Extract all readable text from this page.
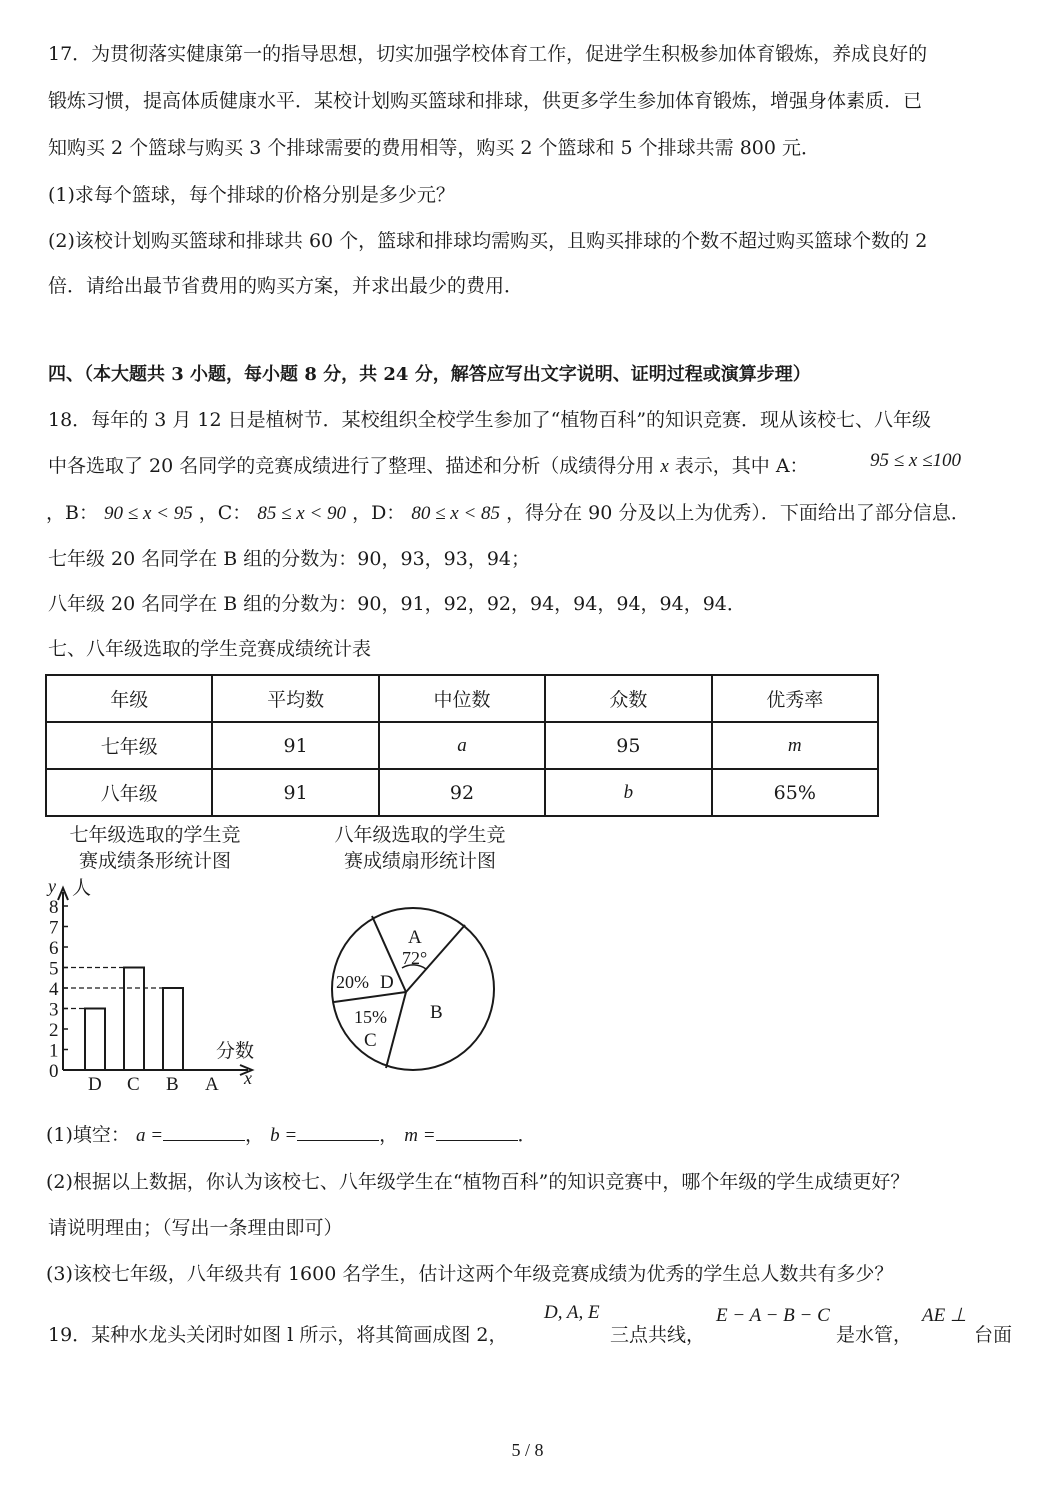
17．为贯彻落实健康第一的指导思想，切实加强学校体育工作，促进学生积极参加体育锻炼，养成良好的
锻炼习惯，提高体质健康水平．某校计划购买篮球和排球，供更多学生参加体育锻炼，增强身体素质．已
知购买 2 个篮球与购买 3 个排球需要的费用相等，购买 2 个篮球和 5 个排球共需 800 元．
(1)求每个篮球，每个排球的价格分别是多少元？
(2)该校计划购买篮球和排球共 60 个，篮球和排球均需购买，且购买排球的个数不超过购买篮球个数的 2
倍．请给出最节省费用的购买方案，并求出最少的费用．
四、（本大题共 3 小题，每小题 8 分，共 24 分，解答应写出文字说明、证明过程或演算步理）
18．每年的 3 月 12 日是植树节．某校组织全校学生参加了“植物百科”的知识竞赛．现从该校七、八年级
中各选取了 20 名同学的竞赛成绩进行了整理、描述和分析（成绩得分用 x 表示，其中 A：	95 ≤ x ≤100
，B： 90 ≤ x < 95 ，C： 85 ≤ x < 90 ，D： 80 ≤ x < 85 ，得分在 90 分及以上为优秀）．下面给出了部分信息．
七年级 20 名同学在 B 组的分数为：90，93，93，94；
八年级 20 名同学在 B 组的分数为：90，91，92，92，94，94，94，94，94．
七、八年级选取的学生竞赛成绩统计表
年级	平均数	中位数	众数	优秀率
七年级	91	a	95	m
八年级	91	92	b	65%
七年级选取的学生竞
赛成绩条形统计图
八年级选取的学生竞
赛成绩扇形统计图
0
1
2
3
4
5
6
7
8
D C B A
y 人
分数
x
A
72°
B
15%
C
20% D
(1)填空： a =	， b =	， m =	．
(2)根据以上数据，你认为该校七、八年级学生在“植物百科”的知识竞赛中，哪个年级的学生成绩更好？
请说明理由；（写出一条理由即可）
(3)该校七年级，八年级共有 1600 名学生，估计这两个年级竞赛成绩为优秀的学生总人数共有多少？
19．某种水龙头关闭时如图 l 所示，将其简画成图 2，
D, A, E
三点共线，
E − A − B − C
是水管，
AE ⊥
台面
5 / 8
